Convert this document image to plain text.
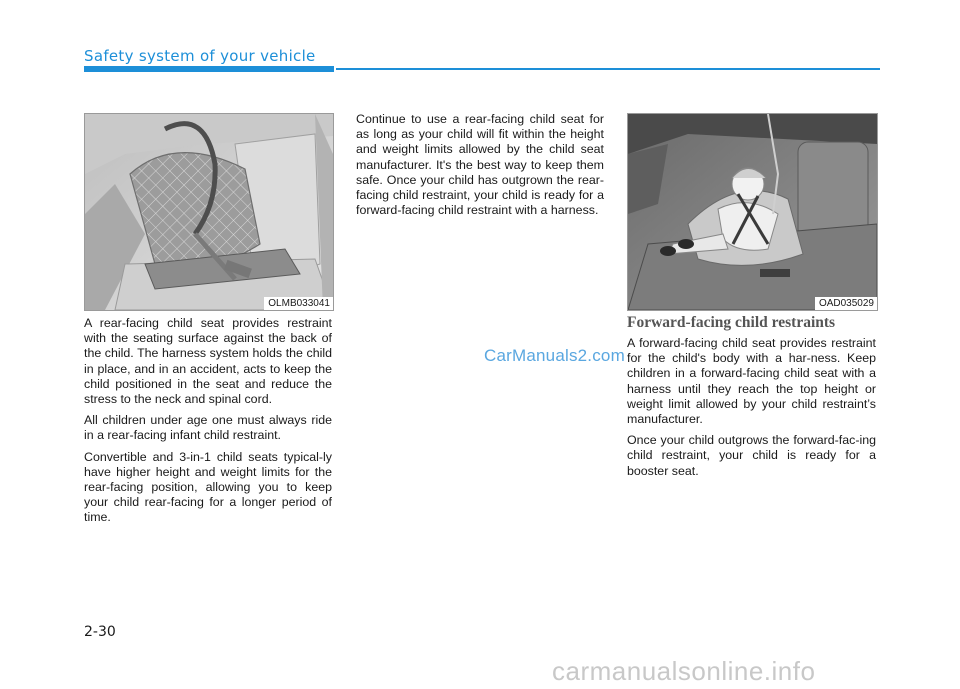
Safety system of your vehicle
OLMB033041	OAD035029

A rear-facing child seat provides restraint with the seating surface against the back of the child. The harness system holds the child in place, and in an accident, acts to keep the child positioned in the seat and reduce the stress to the neck and spinal cord.

All children under age one must always ride in a rear-facing infant child restraint.

Convertible and 3-in-1 child seats typical-ly have higher height and weight limits for the rear-facing position, allowing you to keep your child rear-facing for a longer period of time.

Continue to use a rear-facing child seat for as long as your child will fit within the height and weight limits allowed by the child seat manufacturer. It's the best way to keep them safe. Once your child has outgrown the rear-facing child restraint, your child is ready for a forward-facing child restraint with a harness.

Forward-facing child restraints

A forward-facing child seat provides restraint for the child's body with a har-ness. Keep children in a forward-facing child seat with a harness until they reach the top height or weight limit allowed by your child restraint’s manufacturer.

Once your child outgrows the forward-fac-ing child restraint, your child is ready for a booster seat.

CarManuals2.com
carmanualsonline.info
2-30
